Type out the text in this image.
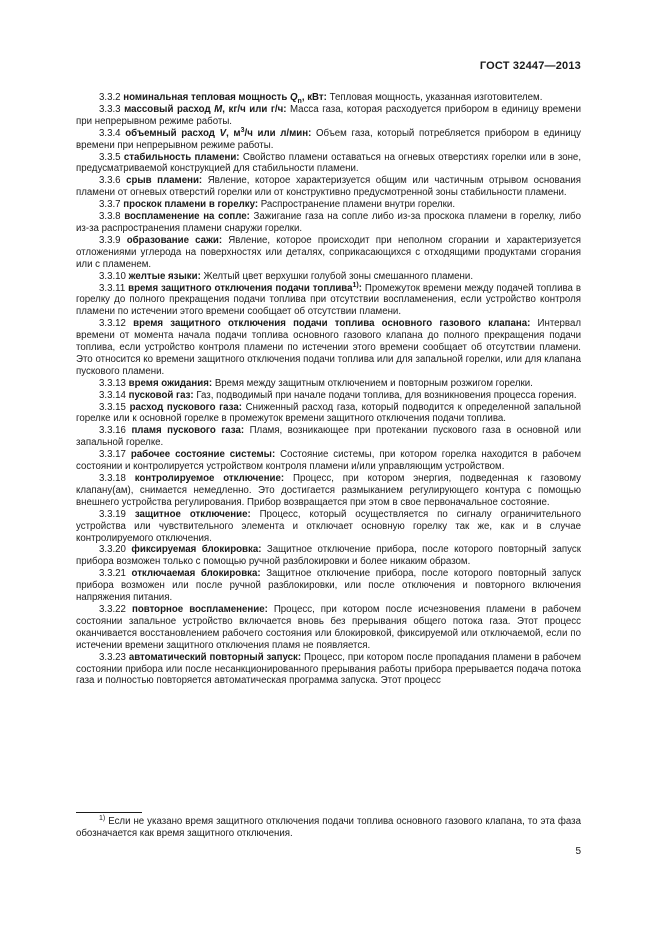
ГОСТ 32447—2013
3.3.2 номинальная тепловая мощность $Q_n$, кВт: Тепловая мощность, указанная изготовителем.
3.3.3 массовый расход M, кг/ч или г/ч: Масса газа, которая расходуется прибором в единицу времени при непрерывном режиме работы.
3.3.4 объемный расход V, $м^3/ч$ или л/мин: Объем газа, который потребляется прибором в единицу времени при непрерывном режиме работы.
3.3.5 стабильность пламени: Свойство пламени оставаться на огневых отверстиях горелки или в зоне, предусматриваемой конструкцией для стабильности пламени.
3.3.6 срыв пламени: Явление, которое характеризуется общим или частичным отрывом основания пламени от огневых отверстий горелки или от конструктивно предусмотренной зоны стабильности пламени.
3.3.7 проскок пламени в горелку: Распространение пламени внутри горелки.
3.3.8 воспламенение на сопле: Зажигание газа на сопле либо из-за проскока пламени в горелку, либо из-за распространения пламени снаружи горелки.
3.3.9 образование сажи: Явление, которое происходит при неполном сгорании и характеризуется отложениями углерода на поверхностях или деталях, соприкасающихся с отходящими продуктами сгорания или с пламенем.
3.3.10 желтые языки: Желтый цвет верхушки голубой зоны смешанного пламени.
3.3.11 время защитного отключения подачи топлива$^{1)}$: Промежуток времени между подачей топлива в горелку до полного прекращения подачи топлива при отсутствии воспламенения, если устройство контроля пламени по истечении этого времени сообщает об отсутствии пламени.
3.3.12 время защитного отключения подачи топлива основного газового клапана: Интервал времени от момента начала подачи топлива основного газового клапана до полного прекращения подачи топлива, если устройство контроля пламени по истечении этого времени сообщает об отсутствии пламени. Это относится ко времени защитного отключения подачи топлива или для запальной горелки, или для клапана пускового пламени.
3.3.13 время ожидания: Время между защитным отключением и повторным розжигом горелки.
3.3.14 пусковой газ: Газ, подводимый при начале подачи топлива, для возникновения процесса горения.
3.3.15 расход пускового газа: Сниженный расход газа, который подводится к определенной запальной горелке или к основной горелке в промежуток времени защитного отключения подачи топлива.
3.3.16 пламя пускового газа: Пламя, возникающее при протекании пускового газа в основной или запальной горелке.
3.3.17 рабочее состояние системы: Состояние системы, при котором горелка находится в рабочем состоянии и контролируется устройством контроля пламени и/или управляющим устройством.
3.3.18 контролируемое отключение: Процесс, при котором энергия, подведенная к газовому клапану(ам), снимается немедленно. Это достигается размыканием регулирующего контура с помощью внешнего устройства регулирования. Прибор возвращается при этом в свое первоначальное состояние.
3.3.19 защитное отключение: Процесс, который осуществляется по сигналу ограничительного устройства или чувствительного элемента и отключает основную горелку так же, как и в случае контролируемого отключения.
3.3.20 фиксируемая блокировка: Защитное отключение прибора, после которого повторный запуск прибора возможен только с помощью ручной разблокировки и более никаким образом.
3.3.21 отключаемая блокировка: Защитное отключение прибора, после которого повторный запуск прибора возможен или после ручной разблокировки, или после отключения и повторного включения напряжения питания.
3.3.22 повторное воспламенение: Процесс, при котором после исчезновения пламени в рабочем состоянии запальное устройство включается вновь без прерывания общего потока газа. Этот процесс оканчивается восстановлением рабочего состояния или блокировкой, фиксируемой или отключаемой, если по истечении времени защитного отключения пламя не появляется.
3.3.23 автоматический повторный запуск: Процесс, при котором после пропадания пламени в рабочем состоянии прибора или после несанкционированного прерывания работы прибора прерывается подача потока газа и полностью повторяется автоматическая программа запуска. Этот процесс
$^{1)}$ Если не указано время защитного отключения подачи топлива основного газового клапана, то эта фаза обозначается как время защитного отключения.
5
